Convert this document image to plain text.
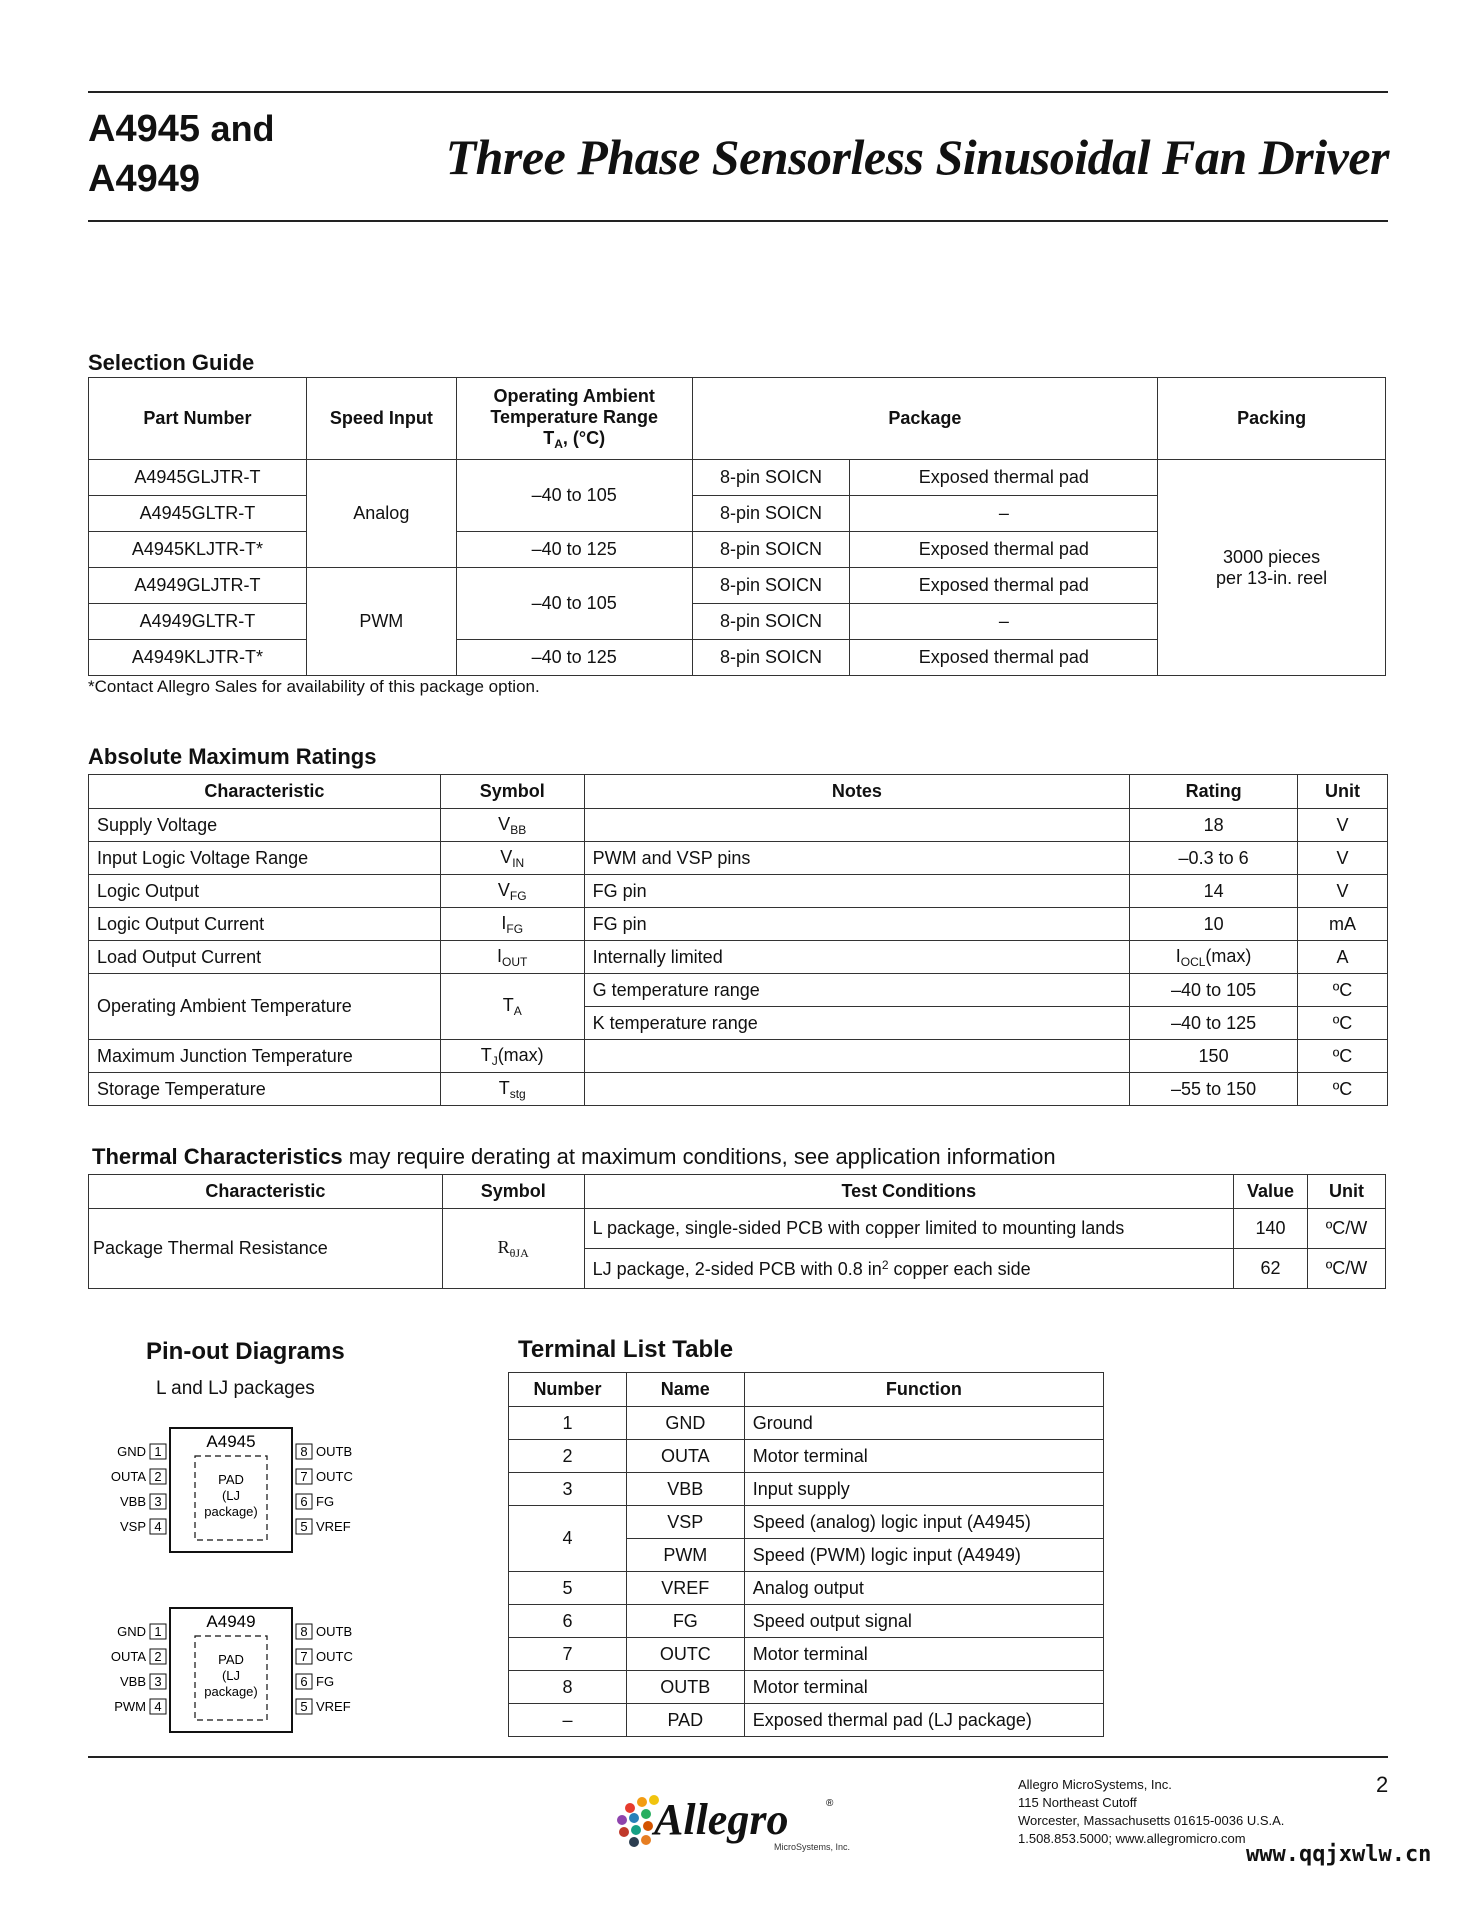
A4945 and
A4949	Three Phase Sensorless Sinusoidal Fan Driver
Selection Guide
Part Number	Speed Input	Operating Ambient
Temperature Range
$T_A$, (°C)	Package		Packing
A4945GLJTR-T	Analog	–40 to 105	8-pin SOICN	Exposed thermal pad	3000 pieces
per 13-in. reel

A4945GLTR-T			8-pin SOICN	–	
A4945KLJTR-T*		–40 to 125	8-pin SOICN	Exposed thermal pad	
A4949GLJTR-T	PWM	–40 to 105	8-pin SOICN	Exposed thermal pad	
A4949GLTR-T			8-pin SOICN	–	
A4949KLJTR-T*		–40 to 125	8-pin SOICN	Exposed thermal pad	
*Contact Allegro Sales for availability of this package option.
Absolute Maximum Ratings
Characteristic	Symbol	Notes	Rating	Unit
Supply Voltage	$V_{BB}$		18	V
Input Logic Voltage Range	$V_{IN}$	PWM and VSP pins	–0.3 to 6	V
Logic Output	$V_{FG}$	FG pin	14	V
Logic Output Current	$I_{FG}$	FG pin	10	mA
Load Output Current	$I_{OUT}$	Internally limited	$I_{OCL}(\max)$	A
Operating Ambient Temperature	$T_A$	G temperature range	–40 to 105	ºC
		K temperature range	–40 to 125	ºC
Maximum Junction Temperature	$T_J(\max)$		150	ºC
Storage Temperature	$T_{stg}$		–55 to 150	ºC
Thermal Characteristics may require derating at maximum conditions, see application information
Characteristic	Symbol	Test Conditions	Value	Unit
Package Thermal Resistance	$R_{\theta JA}$	L package, single-sided PCB with copper limited to mounting lands	140	ºC/W
		LJ package, 2-sided PCB with 0.8 $in^2$ copper each side	62	ºC/W
Pin-out Diagrams
L and LJ packages
A4945
PAD
(LJ
package)
1
GND
2
OUTA
3
VBB
4
VSP
8 OUTB
7 OUTC
6 FG
5 VREF
A4949
PAD
(LJ
package)
1
GND
2
OUTA
3
VBB
4
PWM
8 OUTB
7 OUTC
6 FG
5 VREF
Terminal List Table
Number	Name	Function
1	GND	Ground
2	OUTA	Motor terminal
3	VBB	Input supply
4	VSP	Speed (analog) logic input (A4945)
	PWM	Speed (PWM) logic input (A4949)
5	VREF	Analog output
6	FG	Speed output signal
7	OUTC	Motor terminal
8	OUTB	Motor terminal
–	PAD	Exposed thermal pad (LJ package)
Allegro	®
MicroSystems, Inc.
Allegro MicroSystems, Inc.
115 Northeast Cutoff
Worcester, Massachusetts 01615-0036 U.S.A.
1.508.853.5000; www.allegromicro.com
2
www.qqjxwlw.cn
